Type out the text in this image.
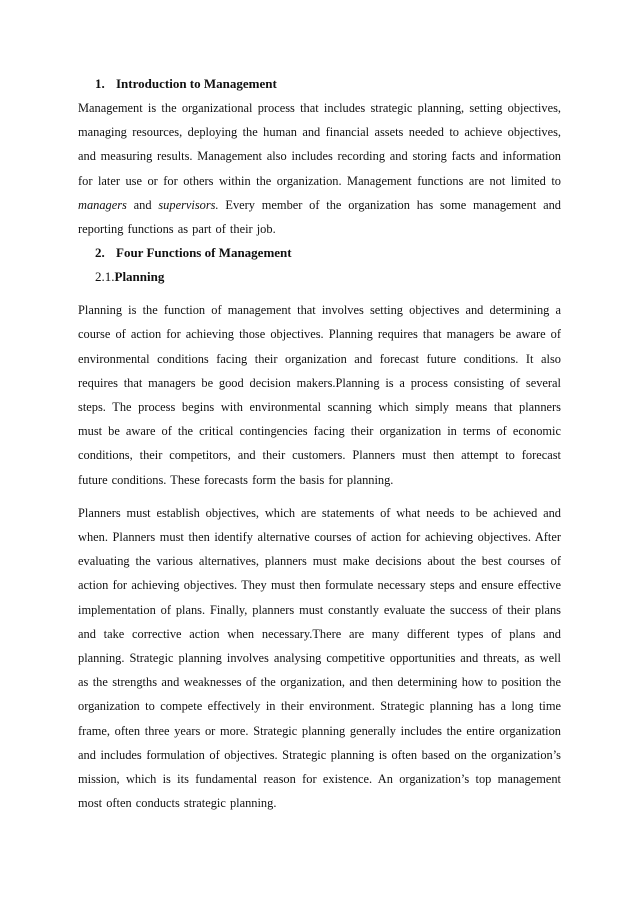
1. Introduction to Management

Management is the organizational process that includes strategic planning, setting objectives, managing resources, deploying the human and financial assets needed to achieve objectives, and measuring results. Management also includes recording and storing facts and information for later use or for others within the organization. Management functions are not limited to managers and supervisors. Every member of the organization has some management and reporting functions as part of their job.

2. Four Functions of Management

2.1.Planning

Planning is the function of management that involves setting objectives and determining a course of action for achieving those objectives. Planning requires that managers be aware of environmental conditions facing their organization and forecast future conditions. It also requires that managers be good decision makers.Planning is a process consisting of several steps. The process begins with environmental scanning which simply means that planners must be aware of the critical contingencies facing their organization in terms of economic conditions, their competitors, and their customers. Planners must then attempt to forecast future conditions. These forecasts form the basis for planning.

Planners must establish objectives, which are statements of what needs to be achieved and when. Planners must then identify alternative courses of action for achieving objectives. After evaluating the various alternatives, planners must make decisions about the best courses of action for achieving objectives. They must then formulate necessary steps and ensure effective implementation of plans. Finally, planners must constantly evaluate the success of their plans and take corrective action when necessary.There are many different types of plans and planning. Strategic planning involves analysing competitive opportunities and threats, as well as the strengths and weaknesses of the organization, and then determining how to position the organization to compete effectively in their environment. Strategic planning has a long time frame, often three years or more. Strategic planning generally includes the entire organization and includes formulation of objectives. Strategic planning is often based on the organization’s mission, which is its fundamental reason for existence. An organization’s top management most often conducts strategic planning.
